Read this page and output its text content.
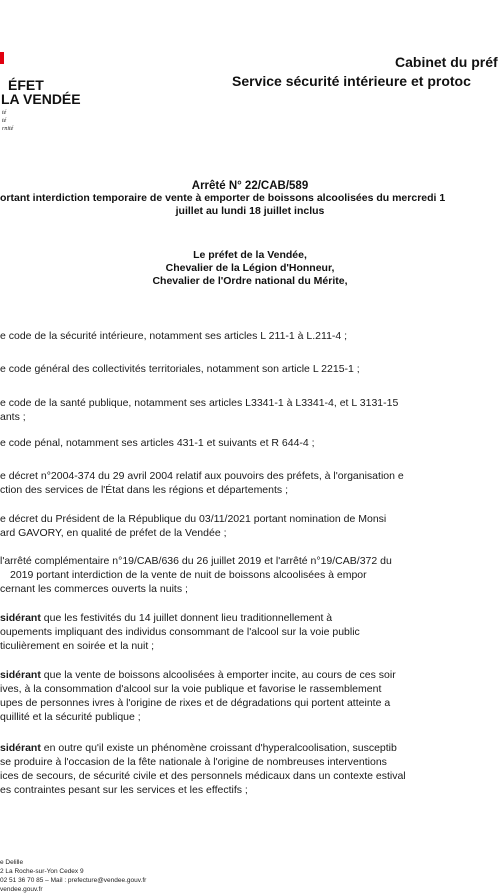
ÉFET
LA VENDÉE
té
té
rnité
Cabinet du préf
Service sécurité intérieure et protoc
Arrêté N° 22/CAB/589
ortant interdiction temporaire de vente à emporter de boissons alcoolisées du mercredi 1
juillet au lundi 18 juillet inclus
Le préfet de la Vendée,
Chevalier de la Légion d'Honneur,
Chevalier de l'Ordre national du Mérite,
e code de la sécurité intérieure, notamment ses articles L 211-1 à L.211-4 ;
e code général des collectivités territoriales, notamment son article L 2215-1 ;
e code de la santé publique, notamment ses articles L3341-1 à L3341-4, et L 3131-15
ants ;
e code pénal, notamment ses articles 431-1 et suivants et R 644-4 ;
e décret n°2004-374 du 29 avril 2004 relatif aux pouvoirs des préfets, à l'organisation e
ction des services de l'État dans les régions et départements ;
e décret du Président de la République du 03/11/2021 portant nomination de Monsi
ard GAVORY, en qualité de préfet de la Vendée ;
l'arrêté complémentaire n°19/CAB/636 du 26 juillet 2019 et l'arrêté n°19/CAB/372 du
2019 portant interdiction de la vente de nuit de boissons alcoolisées à empor
cernant les commerces ouverts la nuits ;
sidérant que les festivités du 14 juillet donnent lieu traditionnellement à
oupements impliquant des individus consommant de l'alcool sur la voie public
ticulièrement en soirée et la nuit ;
sidérant que la vente de boissons alcoolisées à emporter incite, au cours de ces soir
ives, à la consommation d'alcool sur la voie publique et favorise le rassemblement
upes de personnes ivres à l'origine de rixes et de dégradations qui portent atteinte a
quillité et la sécurité publique ;
sidérant en outre qu'il existe un phénomène croissant d'hyperalcoolisation, susceptib
se produire à l'occasion de la fête nationale à l'origine de nombreuses interventions
ices de secours, de sécurité civile et des personnels médicaux dans un contexte estival
es contraintes pesant sur les services et les effectifs ;
e Delille
2 La Roche-sur-Yon Cedex 9
02 51 36 70 85 – Mail : prefecture@vendee.gouv.fr
vendee.gouv.fr
